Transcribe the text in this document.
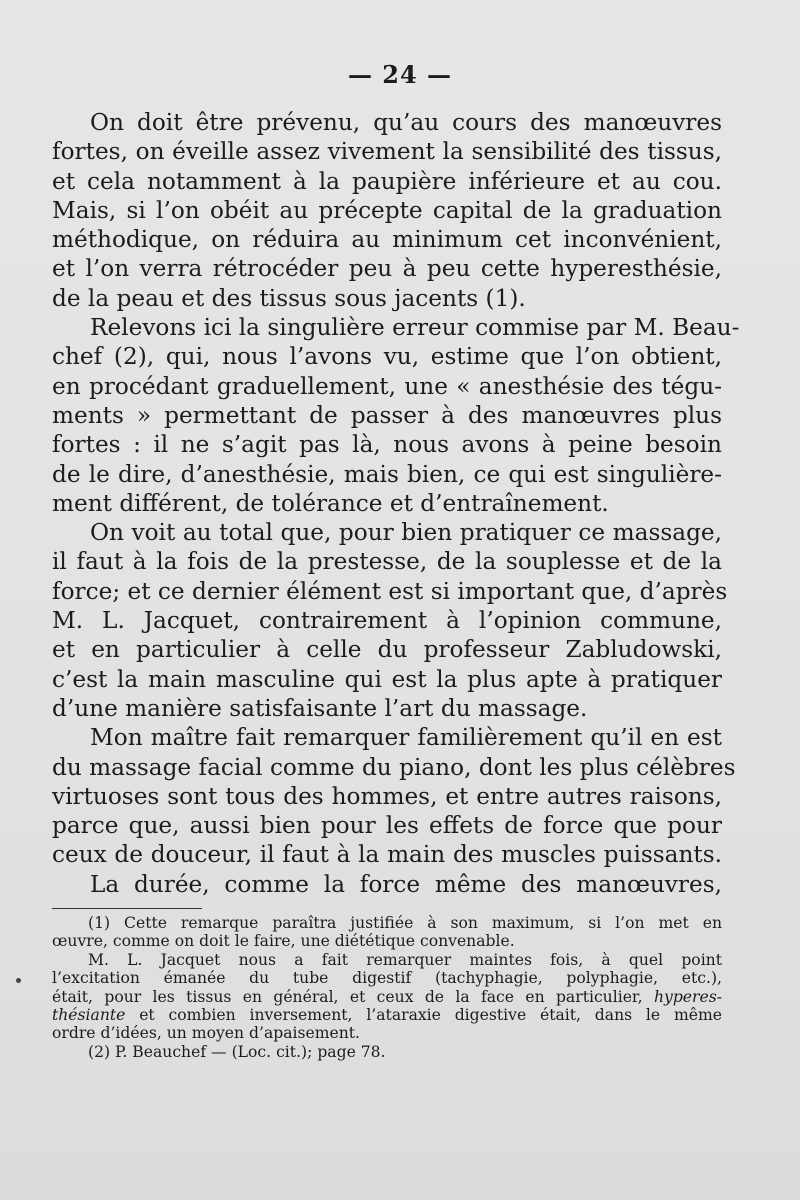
— 24 —
On doit être prévenu, qu’au cours des manœuvres
fortes, on éveille assez vivement la sensibilité des tissus,
et cela notamment à la paupière inférieure et au cou.
Mais, si l’on obéit au précepte capital de la graduation
méthodique, on réduira au minimum cet inconvénient,
et l’on verra rétrocéder peu à peu cette hyperesthésie,
de la peau et des tissus sous jacents (1).
Relevons ici la singulière erreur commise par M. Beau-
chef (2), qui, nous l’avons vu, estime que l’on obtient,
en procédant graduellement, une « anesthésie des tégu-
ments » permettant de passer à des manœuvres plus
fortes : il ne s’agit pas là, nous avons à peine besoin
de le dire, d’anesthésie, mais bien, ce qui est singulière-
ment différent, de tolérance et d’entraînement.
On voit au total que, pour bien pratiquer ce massage,
il faut à la fois de la prestesse, de la souplesse et de la
force; et ce dernier élément est si important que, d’après
M. L. Jacquet, contrairement à l’opinion commune,
et en particulier à celle du professeur Zabludowski,
c’est la main masculine qui est la plus apte à pratiquer
d’une manière satisfaisante l’art du massage.
Mon maître fait remarquer familièrement qu’il en est
du massage facial comme du piano, dont les plus célèbres
virtuoses sont tous des hommes, et entre autres raisons,
parce que, aussi bien pour les effets de force que pour
ceux de douceur, il faut à la main des muscles puissants.
La durée, comme la force même des manœuvres,
(1) Cette remarque paraîtra justifiée à son maximum, si l’on met en
œuvre, comme on doit le faire, une diététique convenable.
M. L. Jacquet nous a fait remarquer maintes fois, à quel point
l’excitation émanée du tube digestif (tachyphagie, polyphagie, etc.),
était, pour les tissus en général, et ceux de la face en particulier, hyperes-
thésiante et combien inversement, l’ataraxie digestive était, dans le même
ordre d’idées, un moyen d’apaisement.
(2) P. Beauchef — (Loc. cit.); page 78.
